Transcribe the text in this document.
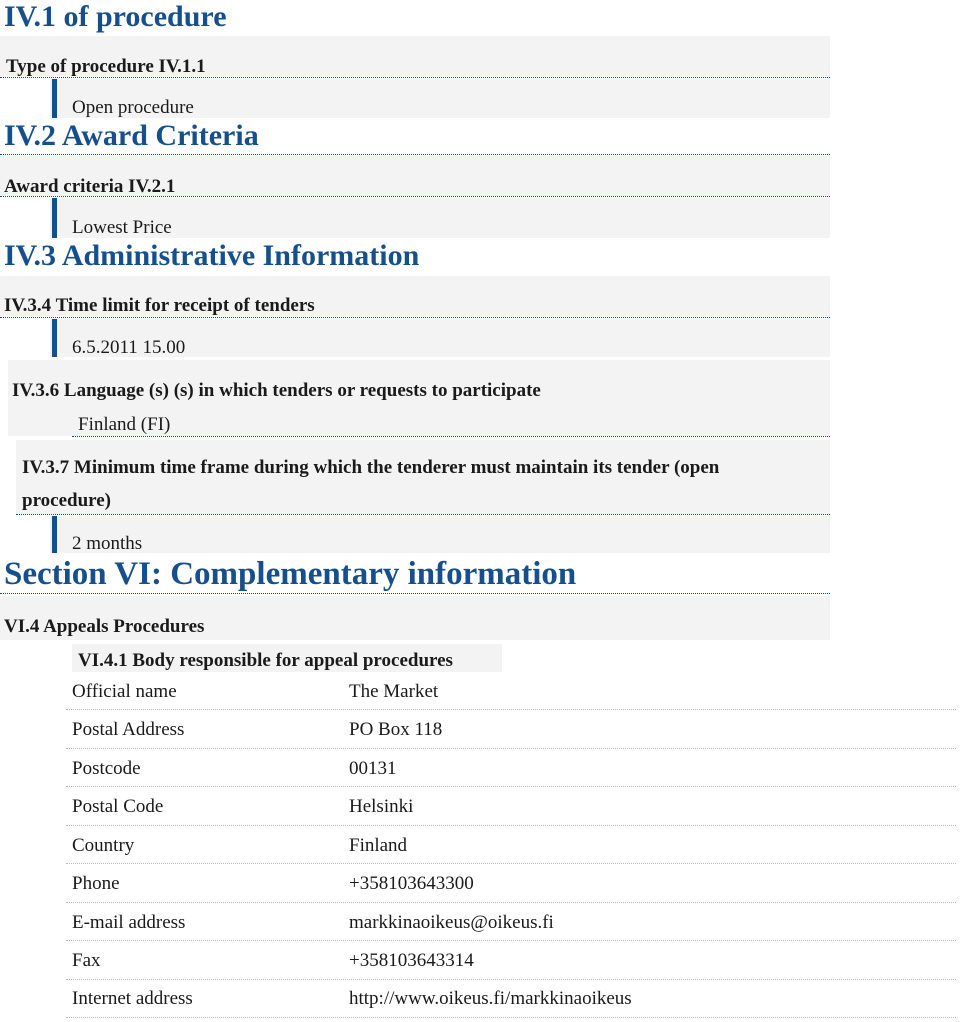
IV.1 of procedure
Type of procedure IV.1.1
Open procedure
IV.2 Award Criteria
Award criteria IV.2.1
Lowest Price
IV.3 Administrative Information
IV.3.4 Time limit for receipt of tenders
6.5.2011 15.00
IV.3.6 Language (s) (s) in which tenders or requests to participate
Finland (FI)
IV.3.7 Minimum time frame during which the tenderer must maintain its tender (open
procedure)
2 months
Section VI: Complementary information
VI.4 Appeals Procedures
VI.4.1 Body responsible for appeal procedures
Official name	The Market
Postal Address	PO Box 118
Postcode	00131
Postal Code	Helsinki
Country	Finland
Phone	+358103643300
E-mail address	markkinaoikeus@oikeus.fi
Fax	+358103643314
Internet address	http://www.oikeus.fi/markkinaoikeus
